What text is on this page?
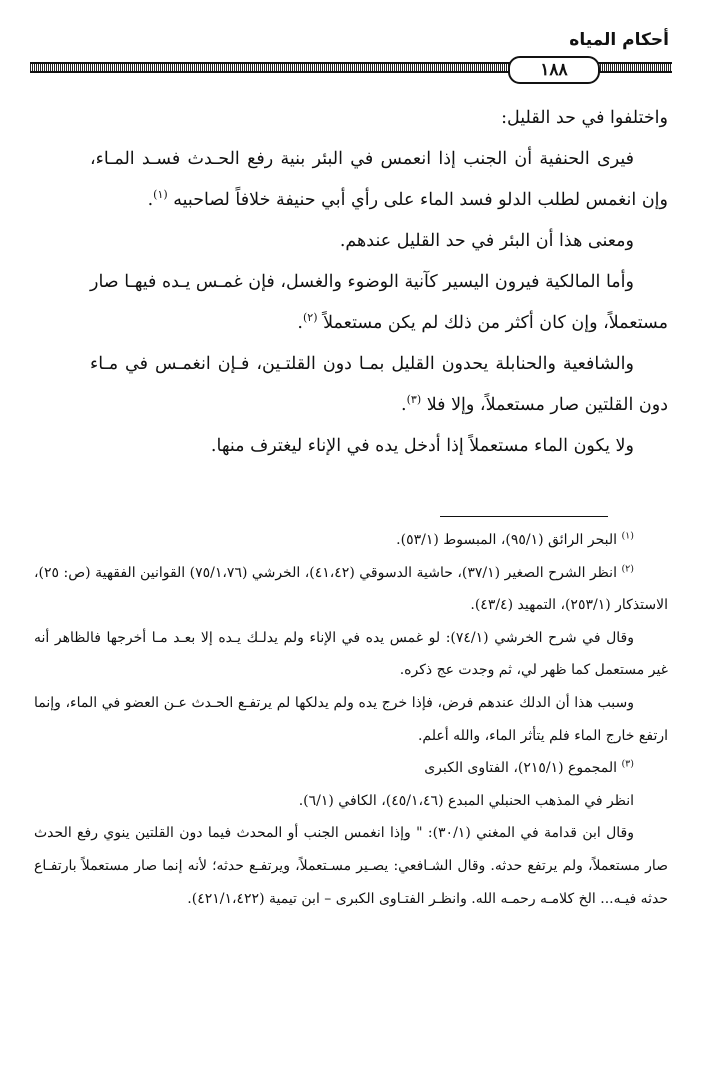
أحكام المياه
١٨٨

واختلفوا في حد القليل:

فيرى الحنفية أن الجنب إذا انعمس في البئر بنية رفع الحـدث فسـد المـاء، وإن انغمس لطلب الدلو فسد الماء على رأي أبي حنيفة خلافاً لصاحبيه $^{(١)}$.

ومعنى هذا أن البئر في حد القليل عندهم.

وأما المالكية فيرون اليسير كآنية الوضوء والغسل، فإن غمـس يـده فيهـا صار مستعملاً، وإن كان أكثر من ذلك لم يكن مستعملاً $^{(٢)}$.

والشافعية والحنابلة يحدون القليل بمـا دون القلتـين، فـإن انغمـس في مـاء دون القلتين صار مستعملاً، وإلا فلا $^{(٣)}$.

ولا يكون الماء مستعملاً إذا أدخل يده في الإناء ليغترف منها.

$^{(١)}$ البحر الرائق (٩٥/١)، المبسوط (٥٣/١).

$^{(٢)}$ انظر الشرح الصغير (٣٧/١)، حاشية الدسوقي (٤١،٤٢)، الخرشي (٧٥/١،٧٦) القوانين الفقهية (ص: ٢٥)، الاستذكار (٢٥٣/١)، التمهيد (٤٣/٤).

وقال في شرح الخرشي (٧٤/١): لو غمس يده في الإناء ولم يدلـك يـده إلا بعـد مـا أخرجها فالظاهر أنه غير مستعمل كما ظهر لي، ثم وجدت عج ذكره.

وسبب هذا أن الدلك عندهم فرض، فإذا خرج يده ولم يدلكها لم يرتفـع الحـدث عـن العضو في الماء، وإنما ارتفع خارج الماء فلم يتأثر الماء، والله أعلم.

$^{(٣)}$ المجموع (٢١٥/١)، الفتاوى الكبرى

انظر في المذهب الحنبلي المبدع (٤٥/١،٤٦)، الكافي (٦/١).

وقال ابن قدامة في المغني (٣٠/١): " وإذا انغمس الجنب أو المحدث فيما دون القلتين ينوي رفع الحدث صار مستعملاً، ولم يرتفع حدثه. وقال الشـافعي: يصـير مسـتعملاً، ويرتفـع حدثه؛ لأنه إنما صار مستعملاً بارتفـاع حدثه فيـه... الخ كلامـه رحمـه الله. وانظـر الفتـاوى الكبرى – ابن تيمية (٤٢١/١،٤٢٢).
